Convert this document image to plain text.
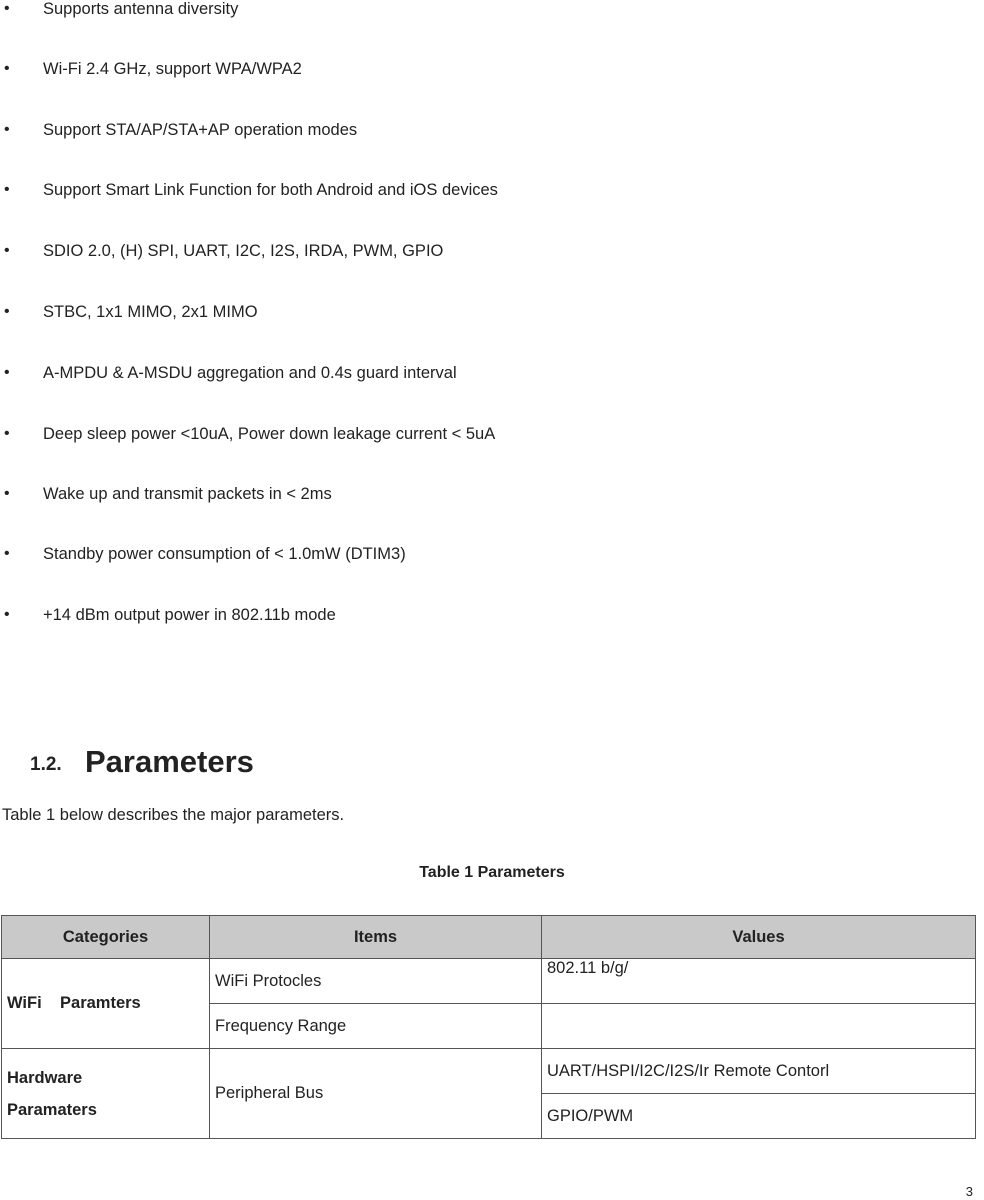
• Supports antenna diversity
• Wi-Fi 2.4 GHz, support WPA/WPA2
• Support STA/AP/STA+AP operation modes
• Support Smart Link Function for both Android and iOS devices
• SDIO 2.0, (H) SPI, UART, I2C, I2S, IRDA, PWM, GPIO
• STBC, 1x1 MIMO, 2x1 MIMO
• A-MPDU & A-MSDU aggregation and 0.4s guard interval
• Deep sleep power <10uA, Power down leakage current < 5uA
• Wake up and transmit packets in < 2ms
• Standby power consumption of < 1.0mW (DTIM3)
• +14 dBm output power in 802.11b mode
1.2. Parameters
Table 1 below describes the major parameters.
Table 1 Parameters
Categories	Items	Values
WiFi    Paramters	WiFi Protocles	802.11 b/g/
	Frequency Range	
Hardware
Paramaters	Peripheral Bus	UART/HSPI/I2C/I2S/Ir Remote Contorl
		GPIO/PWM
3
